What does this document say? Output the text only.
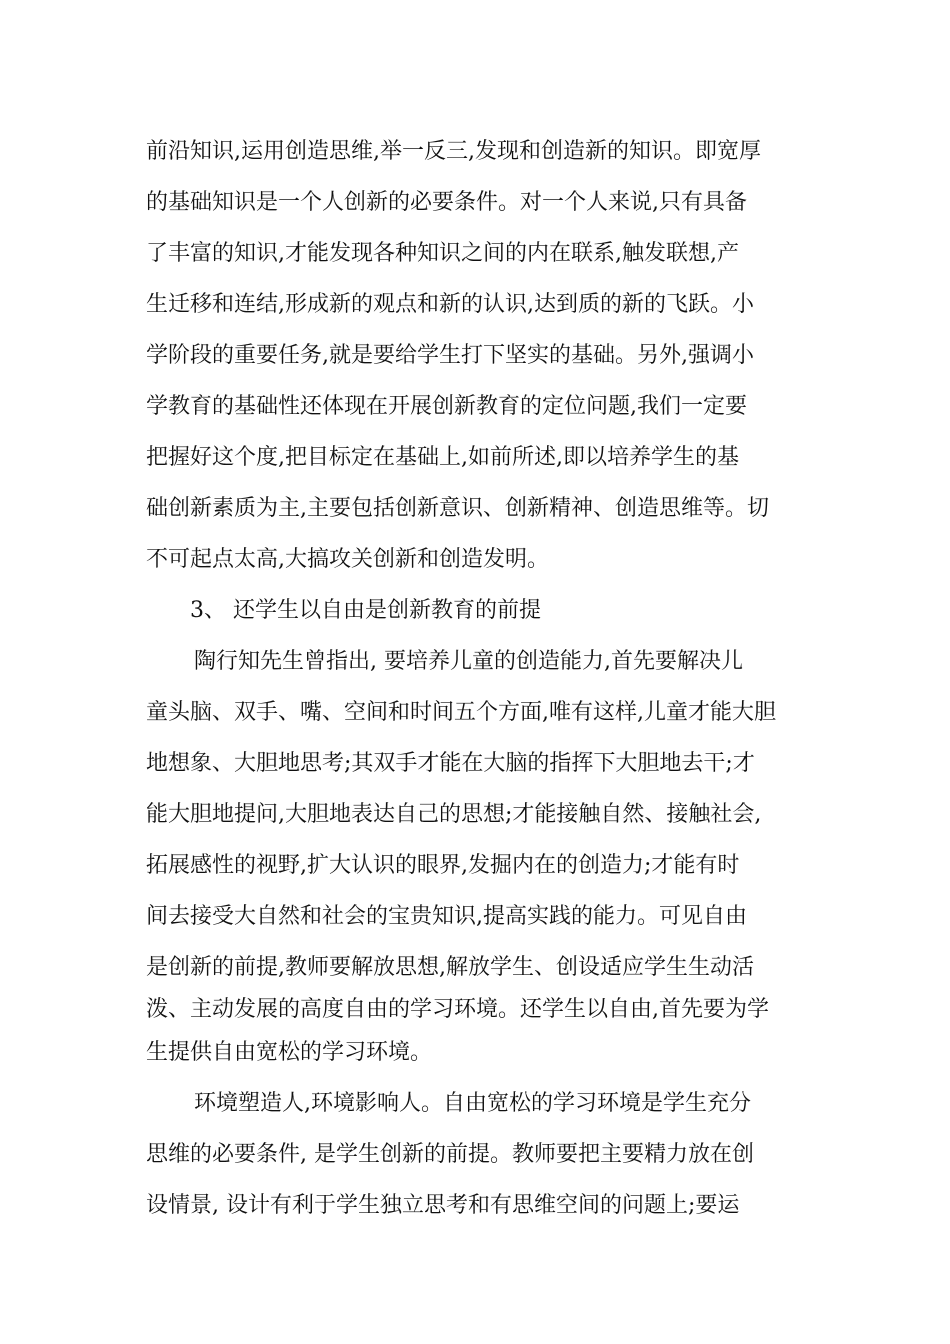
前沿知识,运用创造思维,举一反三,发现和创造新的知识。即宽厚
的基础知识是一个人创新的必要条件。对一个人来说,只有具备
了丰富的知识,才能发现各种知识之间的内在联系,触发联想,产
生迁移和连结,形成新的观点和新的认识,达到质的新的飞跃。小
学阶段的重要任务,就是要给学生打下坚实的基础。另外,强调小
学教育的基础性还体现在开展创新教育的定位问题,我们一定要
把握好这个度,把目标定在基础上,如前所述,即以培养学生的基
础创新素质为主,主要包括创新意识、创新精神、创造思维等。切
不可起点太高,大搞攻关创新和创造发明。
3、 还学生以自由是创新教育的前提
陶行知先生曾指出, 要培养儿童的创造能力,首先要解决儿
童头脑、双手、嘴、空间和时间五个方面,唯有这样,儿童才能大胆
地想象、大胆地思考;其双手才能在大脑的指挥下大胆地去干;才
能大胆地提问,大胆地表达自己的思想;才能接触自然、接触社会,
拓展感性的视野,扩大认识的眼界,发掘内在的创造力;才能有时
间去接受大自然和社会的宝贵知识,提高实践的能力。可见自由
是创新的前提,教师要解放思想,解放学生、创设适应学生生动活
泼、主动发展的高度自由的学习环境。还学生以自由,首先要为学
生提供自由宽松的学习环境。
环境塑造人,环境影响人。自由宽松的学习环境是学生充分
思维的必要条件, 是学生创新的前提。教师要把主要精力放在创
设情景, 设计有利于学生独立思考和有思维空间的问题上;要运
